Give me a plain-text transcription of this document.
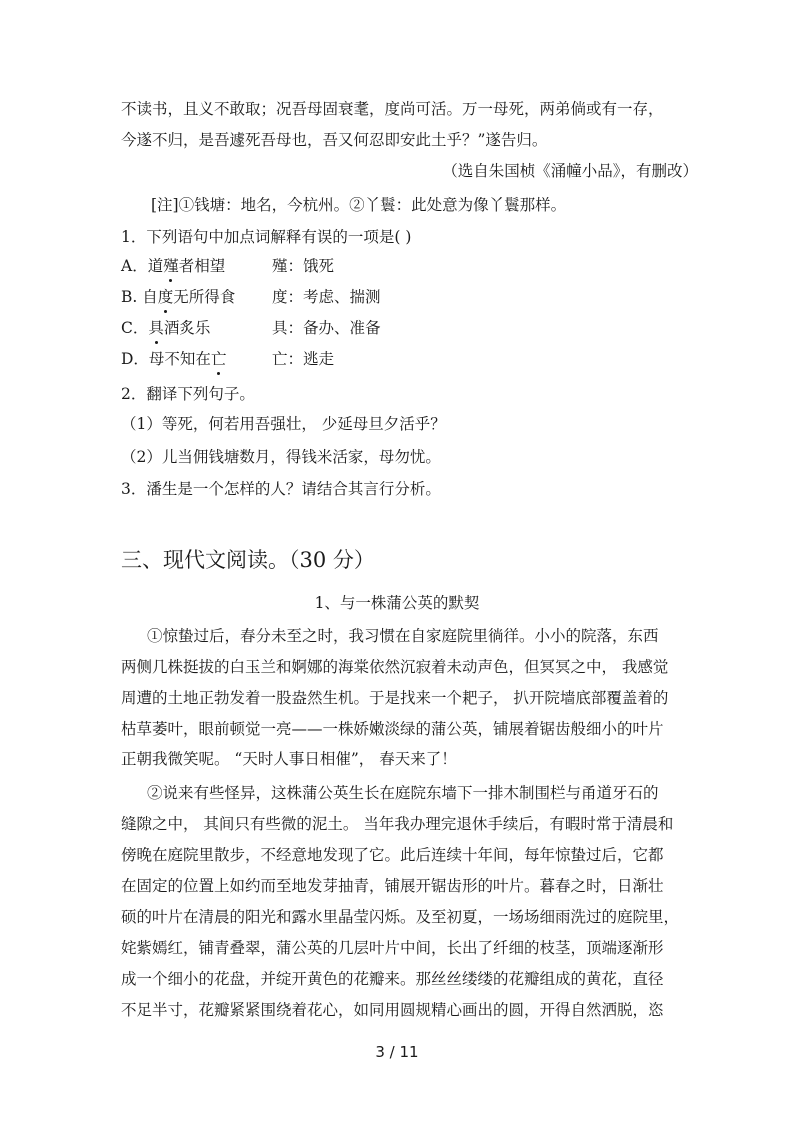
不读书，且义不敢取；况吾母固衰耄，度尚可活。万一母死，两弟倘或有一存，
今遂不归，是吾遽死吾母也，吾又何忍即安此土乎？”遂告归。
（选自朱国桢《涌幢小品》，有删改）
[注]①钱塘：地名，今杭州。②丫鬟：此处意为像丫鬟那样。
1．下列语句中加点词解释有误的一项是( )
A．道殣者相望	殣：饿死
B. 自度无所得食 度：考虑、揣测
C．具酒炙乐	具：备办、准备
D．母不知在亡	亡：逃走
2．翻译下列句子。
（1）等死，何若用吾强壮， 少延母旦夕活乎？
（2）儿当佣钱塘数月，得钱米活家，母勿忧。
3．潘生是一个怎样的人？请结合其言行分析。
三、现代文阅读。（30 分）
1、与一株蒲公英的默契
①惊蛰过后，春分未至之时，我习惯在自家庭院里徜徉。小小的院落，东西
两侧几株挺拔的白玉兰和婀娜的海棠依然沉寂着未动声色，但冥冥之中， 我感觉
周遭的土地正勃发着一股盎然生机。于是找来一个耙子， 扒开院墙底部覆盖着的
枯草萎叶，眼前顿觉一亮——一株娇嫩淡绿的蒲公英，铺展着锯齿般细小的叶片
正朝我微笑呢。 “天时人事日相催”， 春天来了！
②说来有些怪异，这株蒲公英生长在庭院东墙下一排木制围栏与甬道牙石的
缝隙之中， 其间只有些微的泥土。 当年我办理完退休手续后，有暇时常于清晨和
傍晚在庭院里散步，不经意地发现了它。此后连续十年间，每年惊蛰过后，它都
在固定的位置上如约而至地发芽抽青，铺展开锯齿形的叶片。暮春之时，日渐壮
硕的叶片在清晨的阳光和露水里晶莹闪烁。及至初夏，一场场细雨洗过的庭院里，
姹紫嫣红，铺青叠翠，蒲公英的几层叶片中间，长出了纤细的枝茎，顶端逐渐形
成一个细小的花盘，并绽开黄色的花瓣来。那丝丝缕缕的花瓣组成的黄花，直径
不足半寸，花瓣紧紧围绕着花心，如同用圆规精心画出的圆，开得自然洒脱，恣
3 / 11
